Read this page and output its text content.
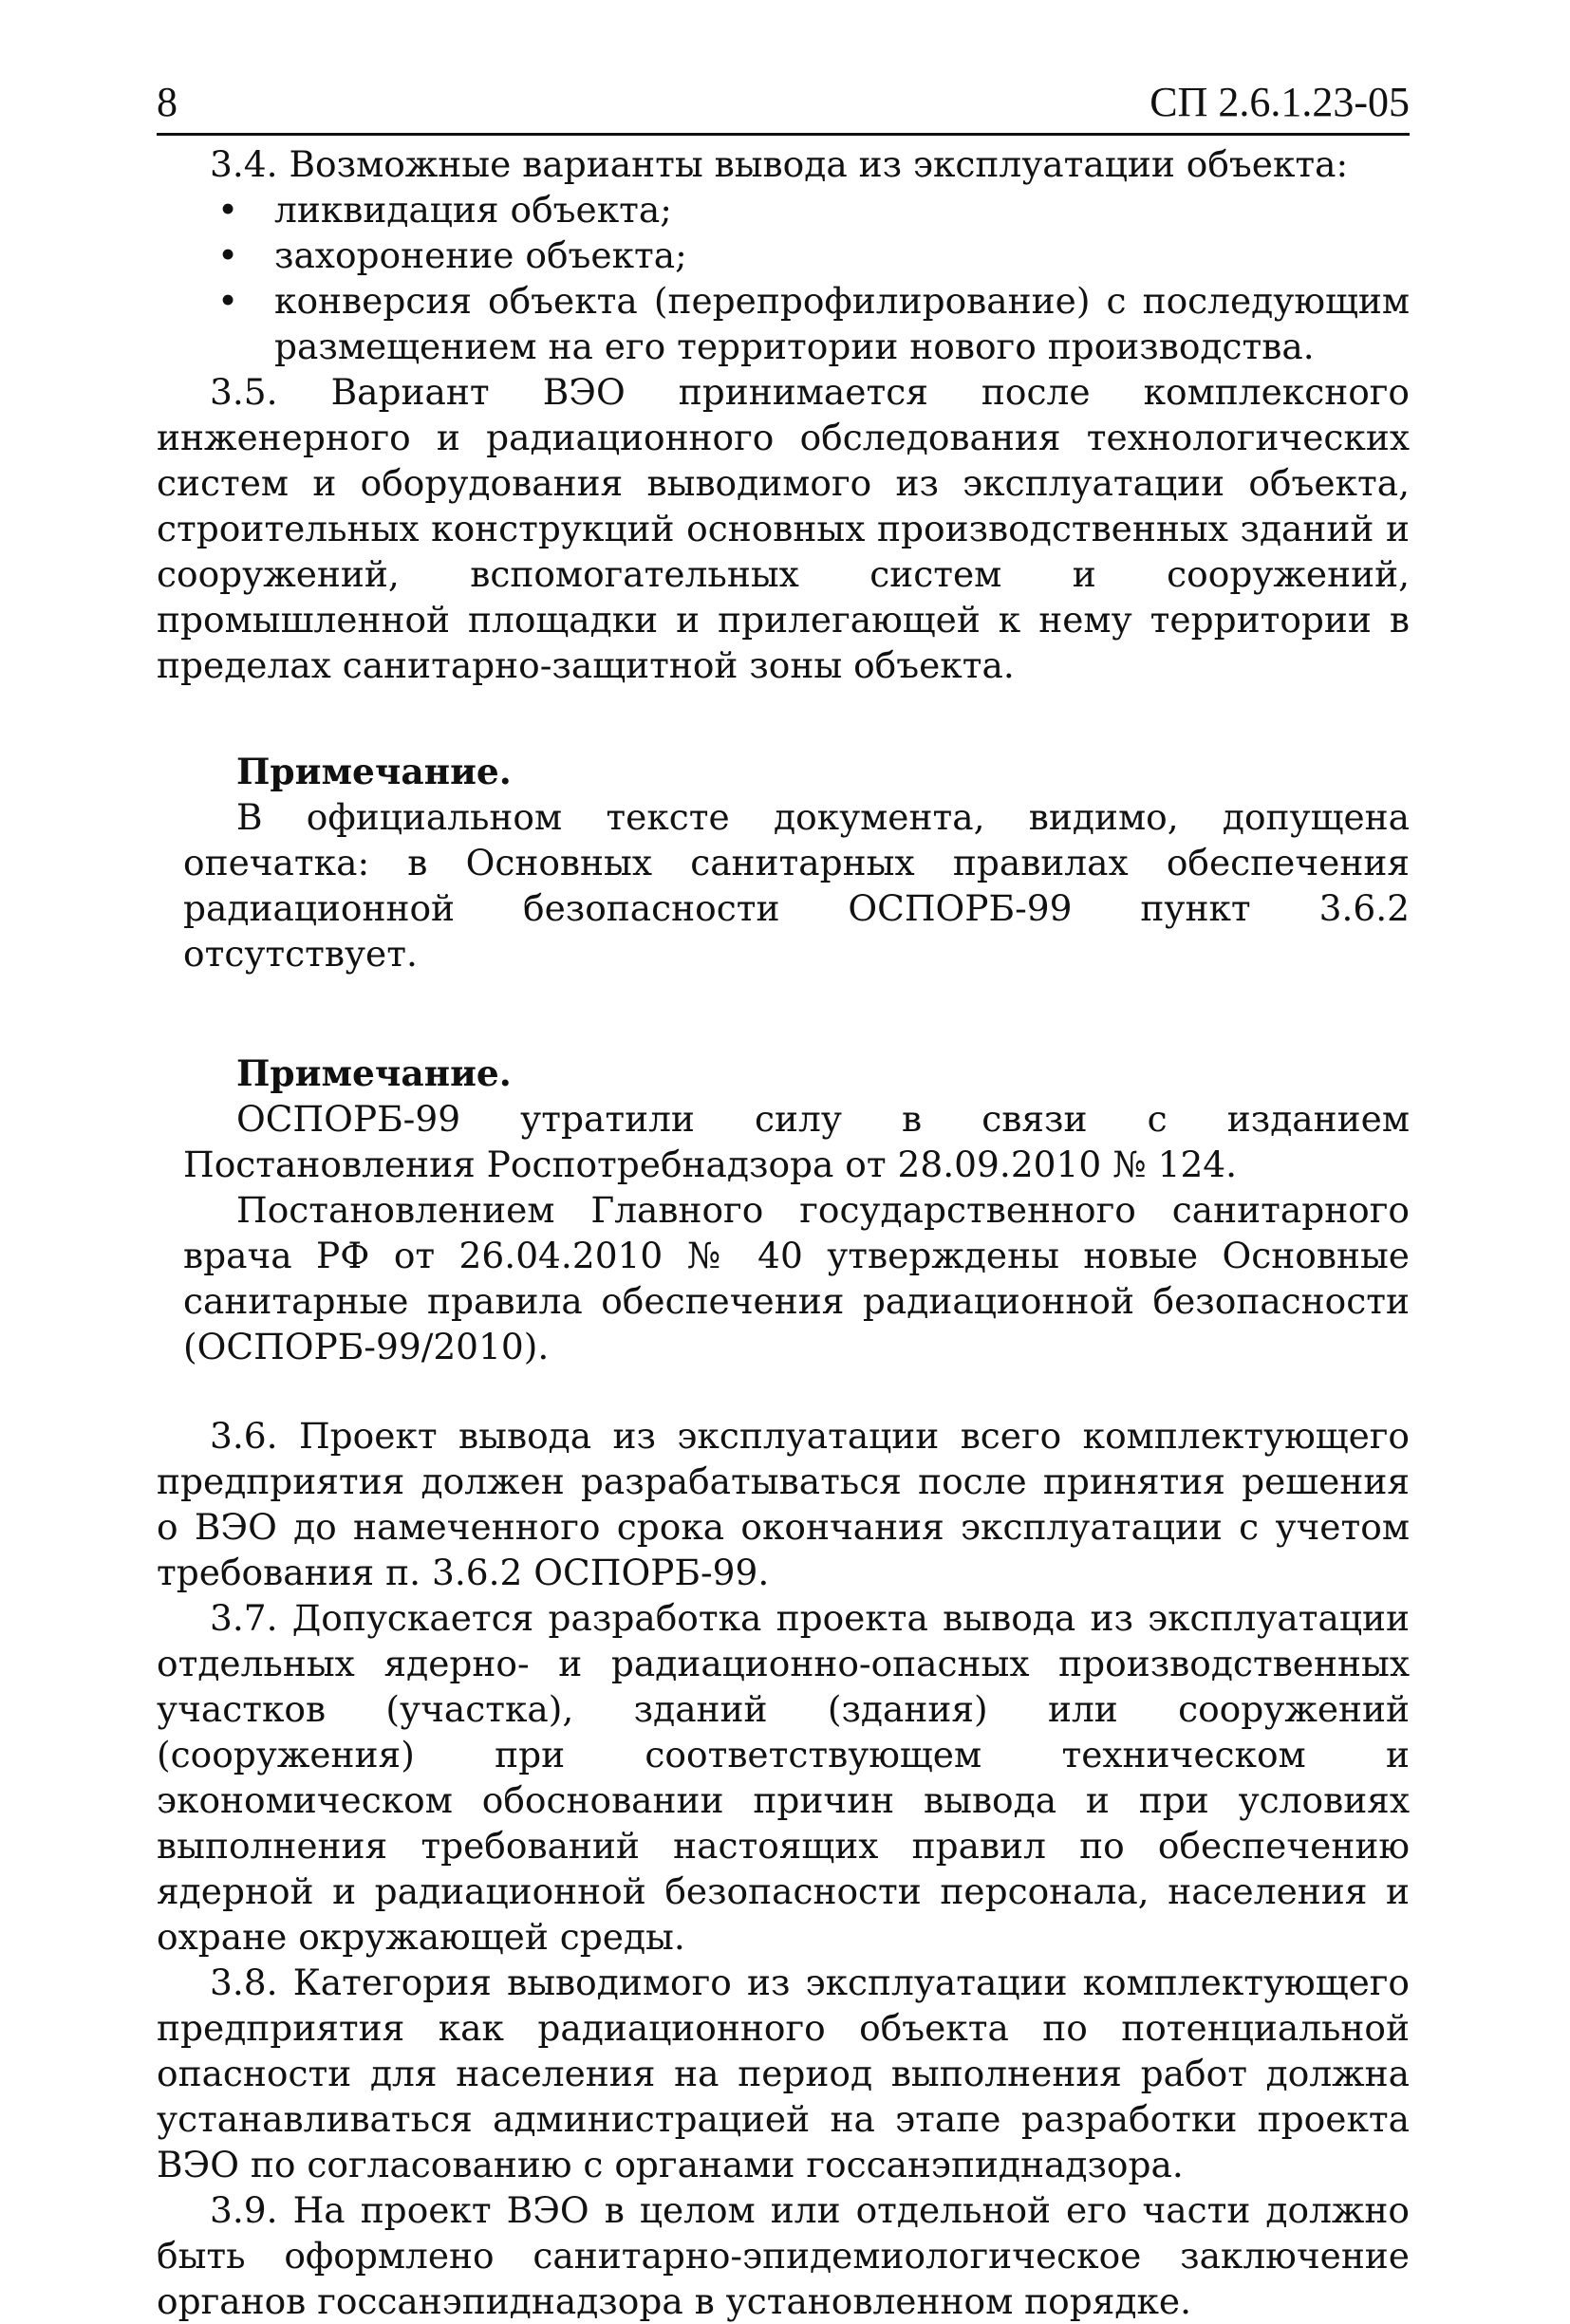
8	СП 2.6.1.23-05

3.4. Возможные варианты вывода из эксплуатации объекта:

• ликвидация объекта;
• захоронение объекта;
• конверсия объекта (перепрофилирование) с последующим размещением на его территории нового производства.

3.5. Вариант ВЭО принимается после комплексного инженерного и радиационного обследования технологических систем и оборудования выводимого из эксплуатации объекта, строительных конструкций основных производственных зданий и сооружений, вспомогательных систем и сооружений, промышленной площадки и прилегающей к нему территории в пределах санитарно-защитной зоны объекта.

Примечание.

В официальном тексте документа, видимо, допущена опечатка: в Основных санитарных правилах обеспечения радиационной безопасности ОСПОРБ-99 пункт 3.6.2 отсутствует.

Примечание.

ОСПОРБ-99 утратили силу в связи с изданием Постановления Роспотребнадзора от 28.09.2010 № 124.

Постановлением Главного государственного санитарного врача РФ от 26.04.2010 № 40 утверждены новые Основные санитарные правила обеспечения радиационной безопасности (ОСПОРБ-99/2010).

3.6. Проект вывода из эксплуатации всего комплектующего предприятия должен разрабатываться после принятия решения о ВЭО до намеченного срока окончания эксплуатации с учетом требования п. 3.6.2 ОСПОРБ-99.

3.7. Допускается разработка проекта вывода из эксплуатации отдельных ядерно- и радиационно-опасных производственных участков (участка), зданий (здания) или сооружений (сооружения) при соответствующем техническом и экономическом обосновании причин вывода и при условиях выполнения требований настоящих правил по обеспечению ядерной и радиационной безопасности персонала, населения и охране окружающей среды.

3.8. Категория выводимого из эксплуатации комплектующего предприятия как радиационного объекта по потенциальной опасности для населения на период выполнения работ должна устанавливаться администрацией на этапе разработки проекта ВЭО по согласованию с органами госсанэпиднадзора.

3.9. На проект ВЭО в целом или отдельной его части должно быть оформлено санитарно-эпидемиологическое заключение органов госсанэпиднадзора в установленном порядке.
